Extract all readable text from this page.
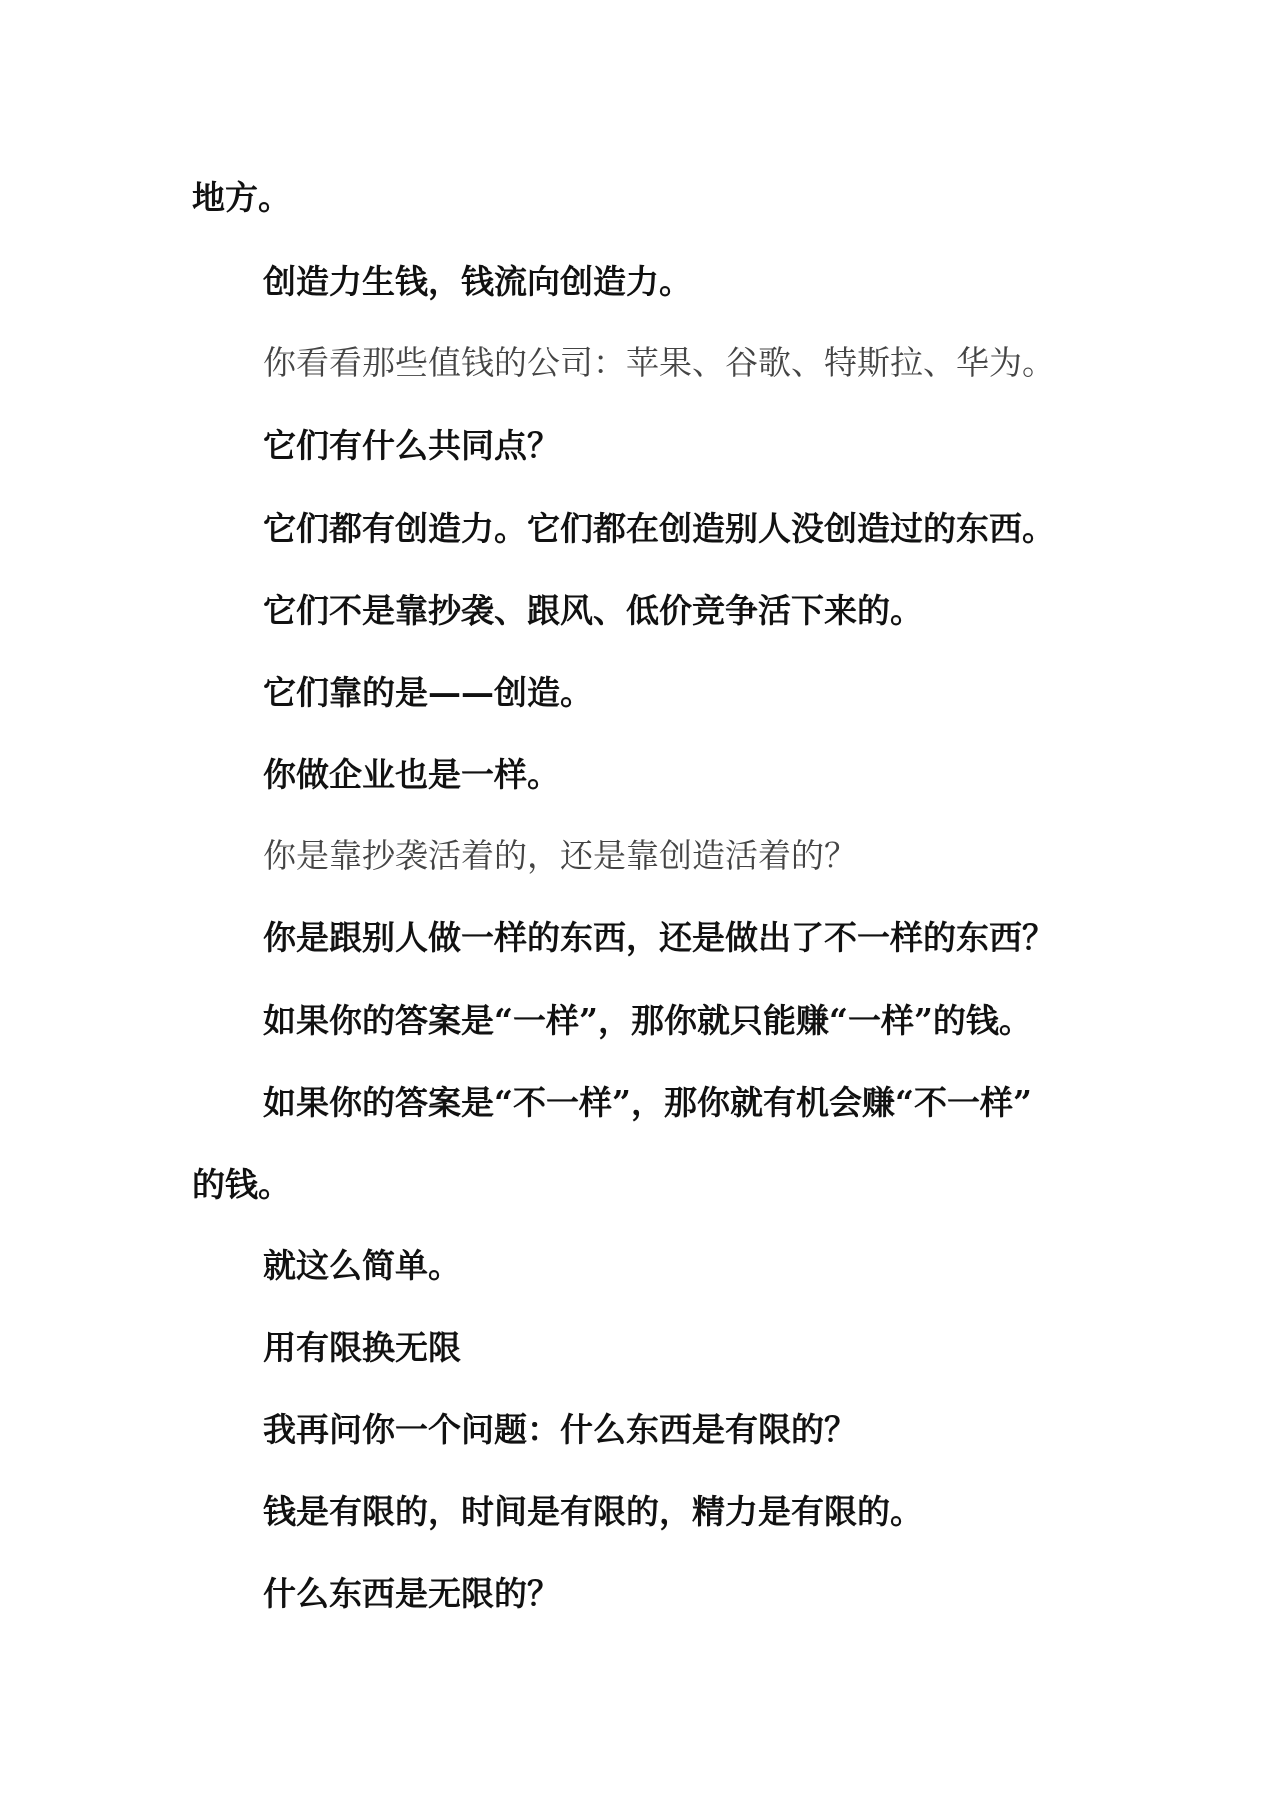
地方。

创造力生钱，钱流向创造力。

你看看那些值钱的公司：苹果、谷歌、特斯拉、华为。

它们有什么共同点？

它们都有创造力。它们都在创造别人没创造过的东西。

它们不是靠抄袭、跟风、低价竞争活下来的。

它们靠的是——创造。

你做企业也是一样。

你是靠抄袭活着的，还是靠创造活着的？

你是跟别人做一样的东西，还是做出了不一样的东西？

如果你的答案是“一样”，那你就只能赚“一样”的钱。

如果你的答案是“不一样”，那你就有机会赚“不一样”

的钱。

就这么简单。

用有限换无限

我再问你一个问题：什么东西是有限的？

钱是有限的，时间是有限的，精力是有限的。

什么东西是无限的？
